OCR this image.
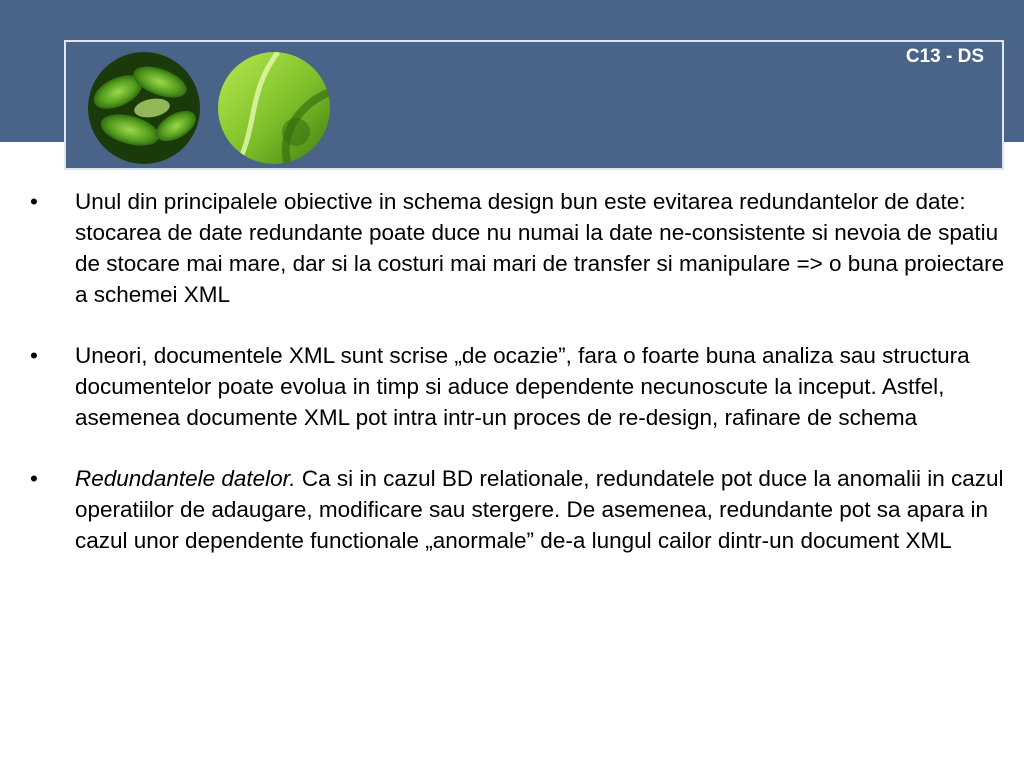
C13 - DS
•	Unul din principalele obiective in schema design bun este evitarea redundantelor de date: stocarea de date redundante poate duce nu numai la date ne-consistente si nevoia de spatiu de stocare mai mare, dar si la costuri mai mari de transfer si manipulare => o buna proiectare a schemei XML
•	Uneori, documentele XML sunt scrise „de ocazie”, fara o foarte buna analiza sau structura documentelor poate evolua in timp si aduce dependente necunoscute la inceput. Astfel, asemenea documente XML pot intra intr-un proces de re-design, rafinare de schema
•	Redundantele datelor. Ca si in cazul BD relationale, redundatele pot duce la anomalii in cazul operatiilor de adaugare, modificare sau stergere. De asemenea, redundante pot sa apara in cazul unor dependente functionale „anormale” de-a lungul cailor dintr-un document XML
